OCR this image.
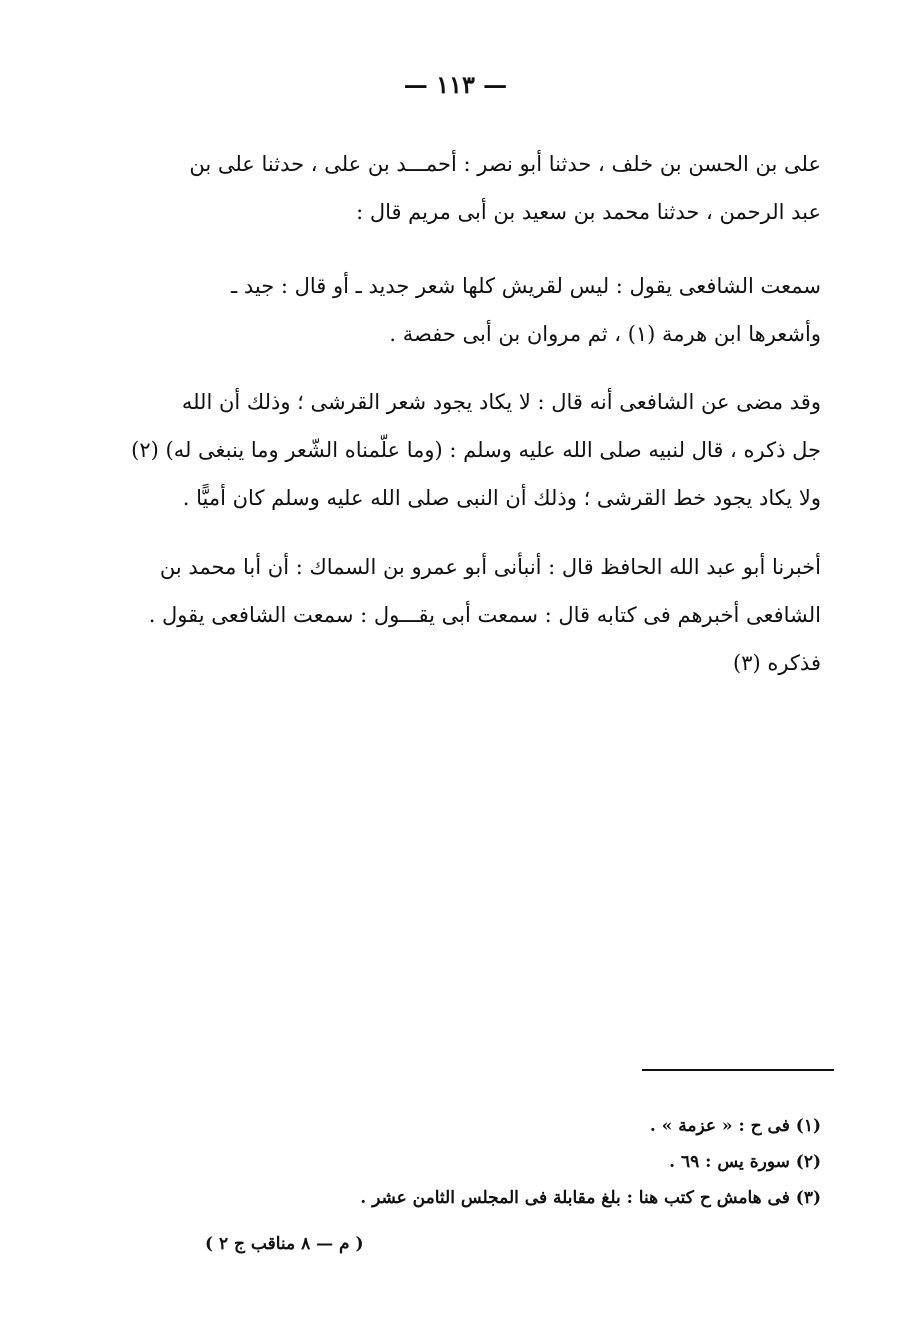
— ١١٣ —
على بن الحسن بن خلف ، حدثنا أبو نصر : أحمـــد بن على ، حدثنا على بن
عبد الرحمن ، حدثنا محمد بن سعيد بن أبى مريم قال :
سمعت الشافعى يقول : ليس لقريش كلها شعر جديد ـ أو قال : جيد ـ
وأشعرها ابن هرمة (١) ، ثم مروان بن أبى حفصة .
وقد مضى عن الشافعى أنه قال : لا يكاد يجود شعر القرشى ؛ وذلك أن الله
جل ذكره ، قال لنبيه صلى الله عليه وسلم : (وما علّمناه الشّعر وما ينبغى له) (٢)
ولا يكاد يجود خط القرشى ؛ وذلك أن النبى صلى الله عليه وسلم كان أميًّا .
أخبرنا أبو عبد الله الحافظ قال : أنبأنى أبو عمرو بن السماك : أن أبا محمد بن
الشافعى أخبرهم فى كتابه قال : سمعت أبى يقـــول : سمعت الشافعى يقول .
فذكره (٣)
(١) فى ح : « عزمة » .
(٢) سورة يس : ٦٩ .
(٣) فى هامش ح كتب هنا : بلغ مقابلة فى المجلس الثامن عشر .
( م — ٨ مناقب ج ٢ )
